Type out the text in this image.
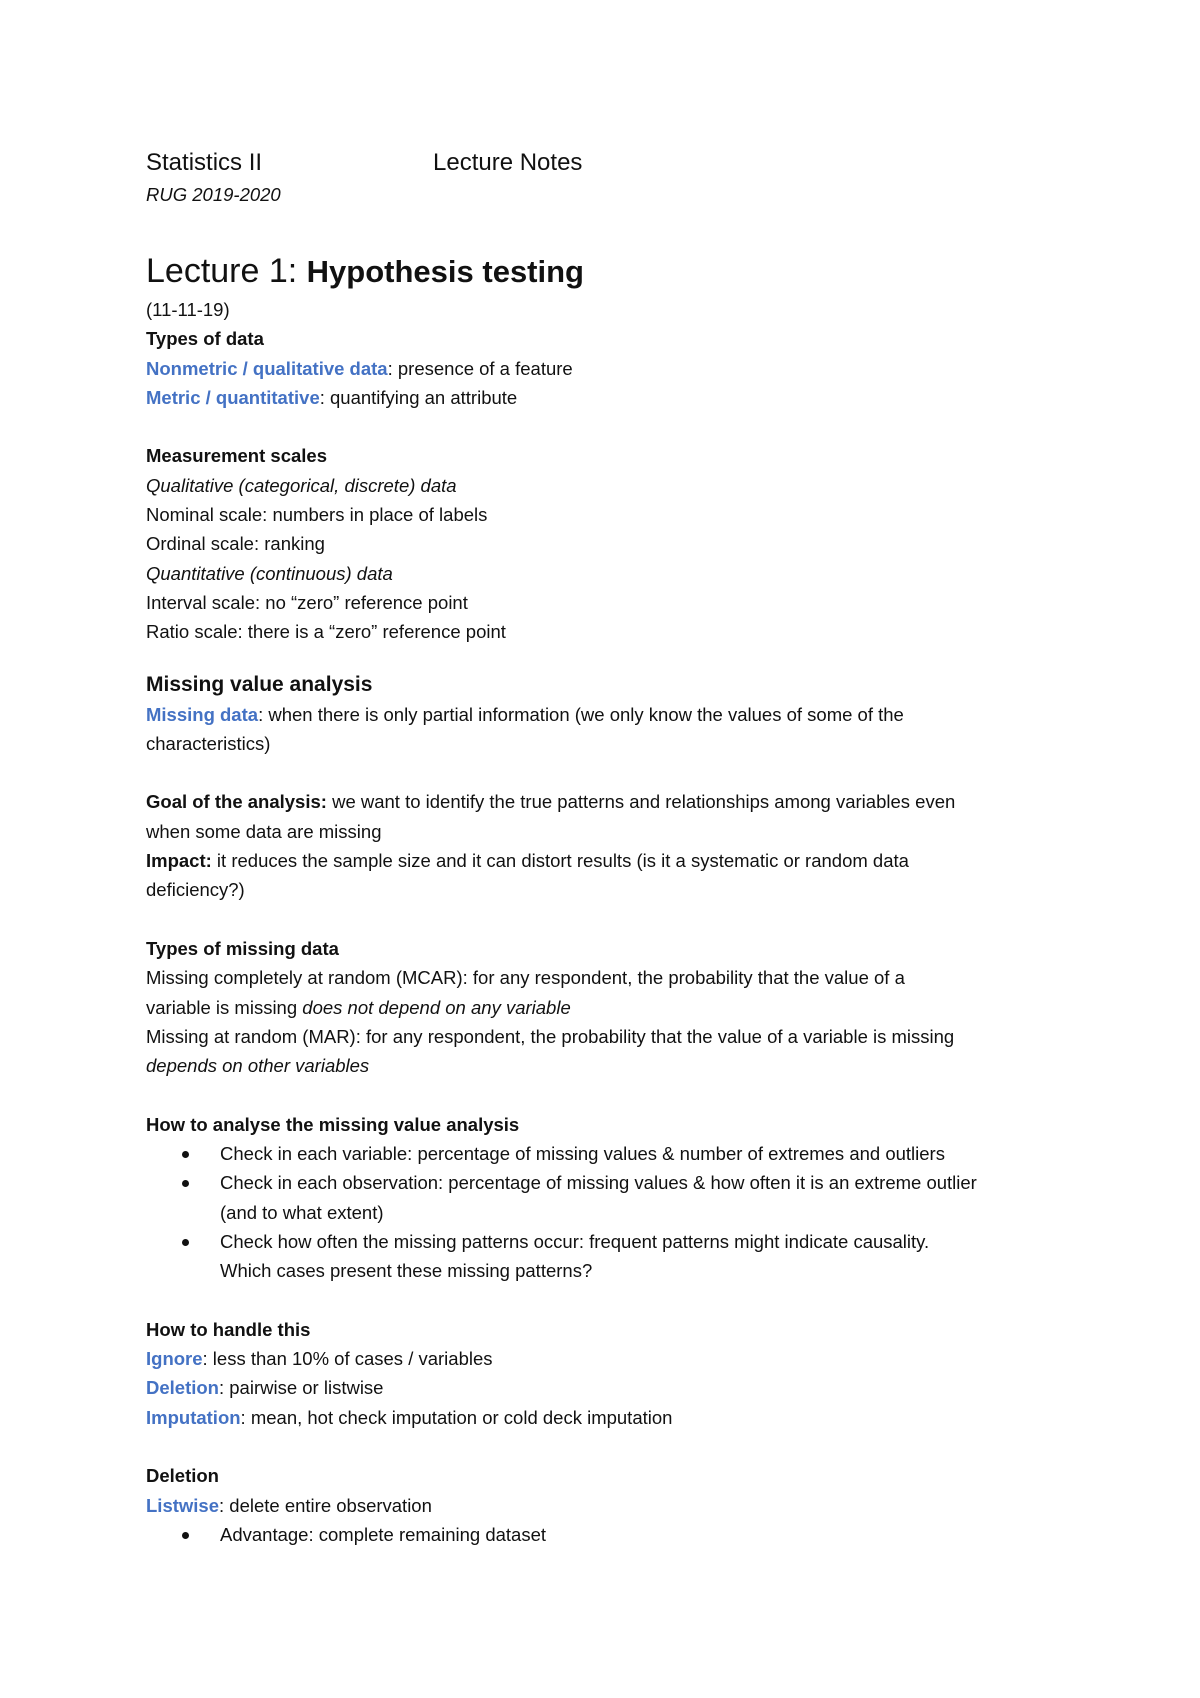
Statistics II	Lecture Notes
RUG 2019-2020
Lecture 1: Hypothesis testing

(11-11-19)

Types of data

Nonmetric / qualitative data: presence of a feature

Metric / quantitative: quantifying an attribute

Measurement scales

Qualitative (categorical, discrete) data

Nominal scale: numbers in place of labels

Ordinal scale: ranking

Quantitative (continuous) data

Interval scale: no “zero” reference point

Ratio scale: there is a “zero” reference point

Missing value analysis

Missing data: when there is only partial information (we only know the values of some of the

characteristics)

Goal of the analysis: we want to identify the true patterns and relationships among variables even

when some data are missing

Impact: it reduces the sample size and it can distort results (is it a systematic or random data

deficiency?)

Types of missing data

Missing completely at random (MCAR): for any respondent, the probability that the value of a

variable is missing does not depend on any variable

Missing at random (MAR): for any respondent, the probability that the value of a variable is missing

depends on other variables

How to analyse the missing value analysis

Check in each variable: percentage of missing values & number of extremes and outliers
Check in each observation: percentage of missing values & how often it is an extreme outlier
(and to what extent)
Check how often the missing patterns occur: frequent patterns might indicate causality.
Which cases present these missing patterns?

How to handle this

Ignore: less than 10% of cases / variables

Deletion: pairwise or listwise

Imputation: mean, hot check imputation or cold deck imputation

Deletion

Listwise: delete entire observation

Advantage: complete remaining dataset
